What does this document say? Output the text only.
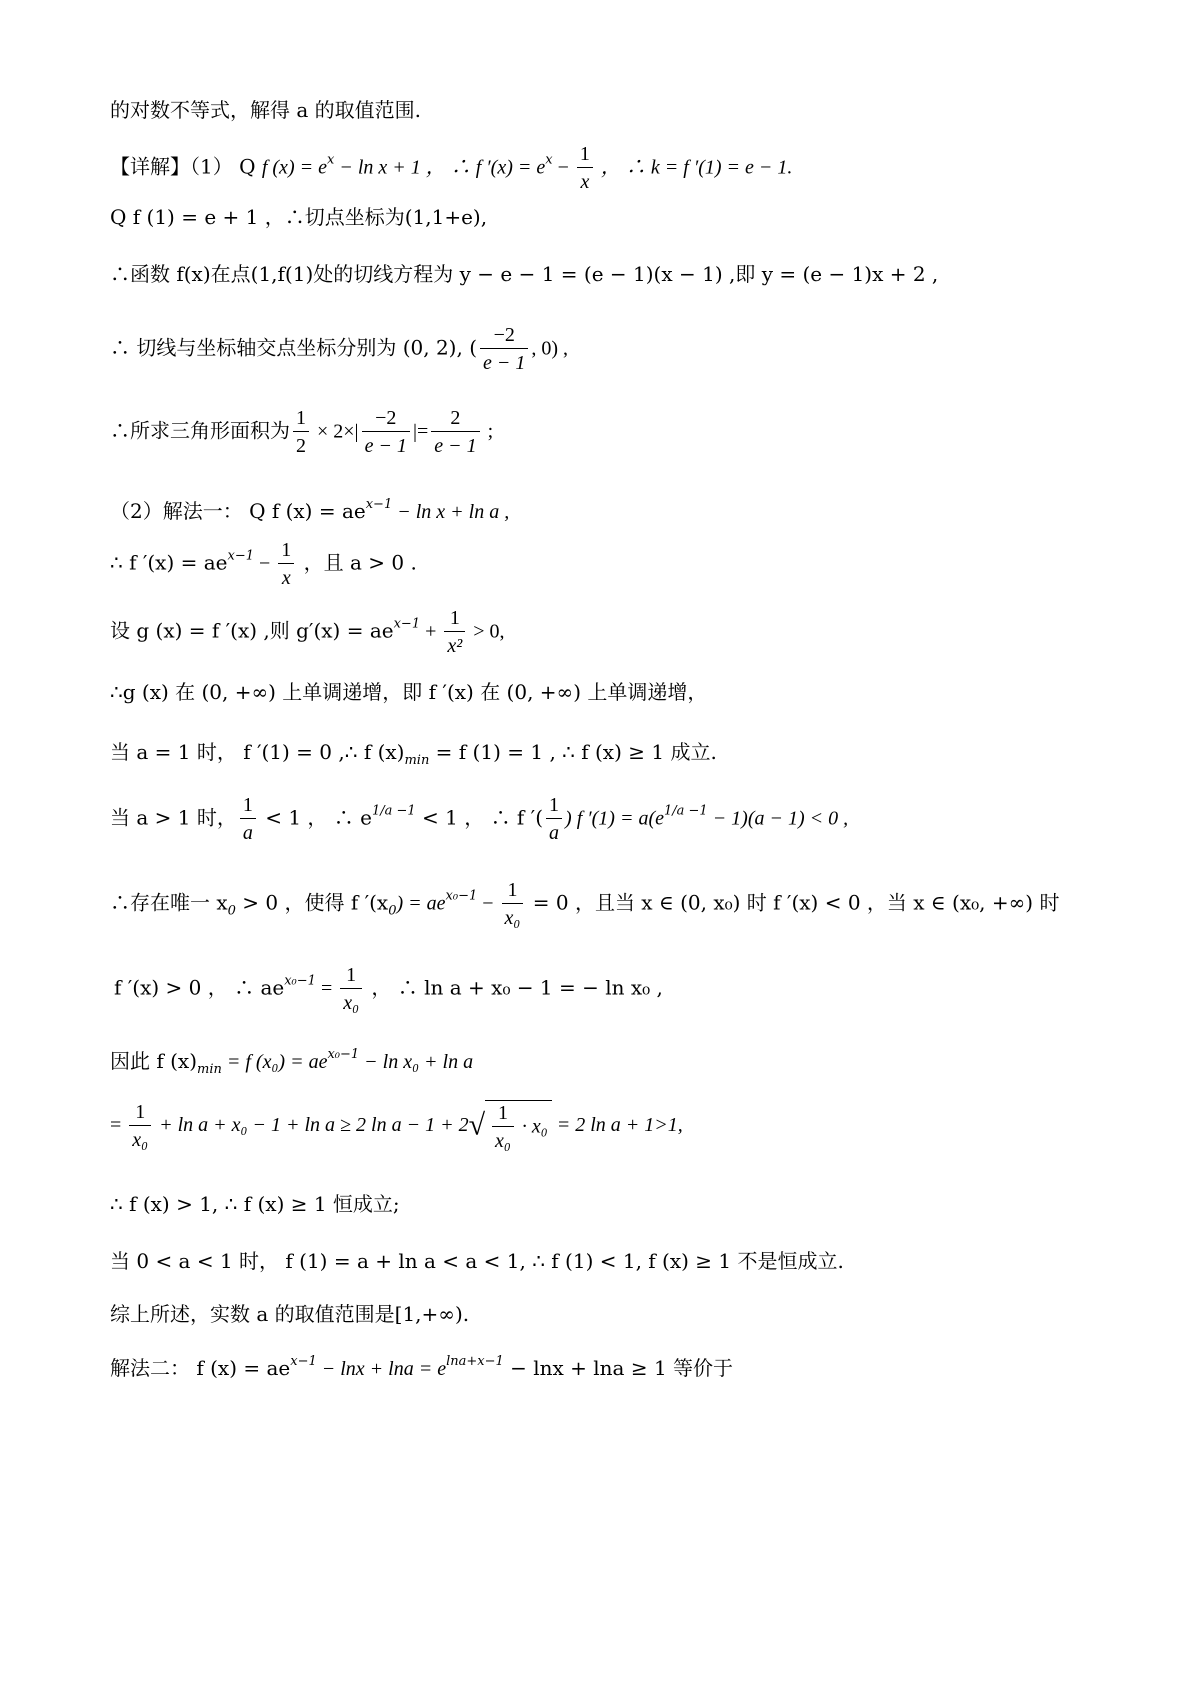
的对数不等式，解得 a 的取值范围.
【详解】（1） Q f $(x) = e^x - \ln x + 1$ ， ∴ f $'(x) = e^x - \frac{1}{x}$ ， ∴ k = f ′(1) = e − 1.
Q f (1) = e + 1 ，∴切点坐标为(1,1+e),
∴函数 f(x)在点(1,f(1)处的切线方程为 y − e − 1 = (e − 1)(x − 1) ,即 y = (e − 1)x + 2 ,
∴ 切线与坐标轴交点坐标分别为 (0, 2), ( $\frac{-2}{e - 1}$ , 0) ,
∴所求三角形面积为 $\frac{1}{2} \times 2\times| \frac{-2}{e - 1}$ |= $\frac{2}{e - 1}$ ;
（2）解法一： Q f $(x) = ae^{x-1} - \ln x + \ln a$ ,
∴ f $'(x) = ae^{x-1} - \frac{1}{x}$ ，且 a > 0 .
设 g (x) = f ′(x) ,则 $g'(x) = ae^{x-1} + \frac{1}{\text{x²}} > 0$,
∴g (x) 在 (0, +∞) 上单调递增，即 f ′(x) 在 (0, +∞) 上单调递增，
当 a = 1 时， f ′(1) = 0 ,∴ f $(x)_{min} = f$ (1) = 1 , ∴ f (x) ≥ 1 成立.
当 a > 1 时， $\frac{1}{a} < 1$ ， ∴ $e^{1/a -1} < 1$ ， ∴ f ′( $\frac{1}{a}$ ) f $'(1) = a(e^{1/a -1} - 1)(a - 1) < 0$ ,
∴存在唯一 $x_0 > 0$ ，使得 f $'(x_0) = ae^{x_0-1} - \frac{1}{\text{x₀}} = 0$ ，且当 x ∈ (0, x₀) 时 f ′(x) < 0 ，当 x ∈ (x₀, +∞) 时
f ′(x) > 0 ， ∴ $ae^{x_0-1} = \frac{1}{\text{x₀}}$ ， ∴ ln a + x₀ − 1 = − ln x₀ ,
因此 f $(x)_{min} = f$ $(x_0) = ae^{x_0-1} - \ln x_0 + \ln a$
= $\frac{1}{\text{x₀}} + \ln a + x_0 - 1 + \ln a \ge 2$ $\ln a - 1 + 2√ \frac{1}{\text{x₀}} \cdot x_0 = 2$ ln a + 1>1,
∴ f (x) > 1, ∴ f (x) ≥ 1 恒成立;
当 0 < a < 1 时， f (1) = a + ln a < a < 1, ∴ f (1) < 1, f (x) ≥ 1 不是恒成立.
综上所述，实数 a 的取值范围是[1,+∞).
解法二： f $(x) = ae^{x-1} - \ln x + \ln a = e^{lna+x-1} - \ln x + \ln a \ge 1$ 等价于
